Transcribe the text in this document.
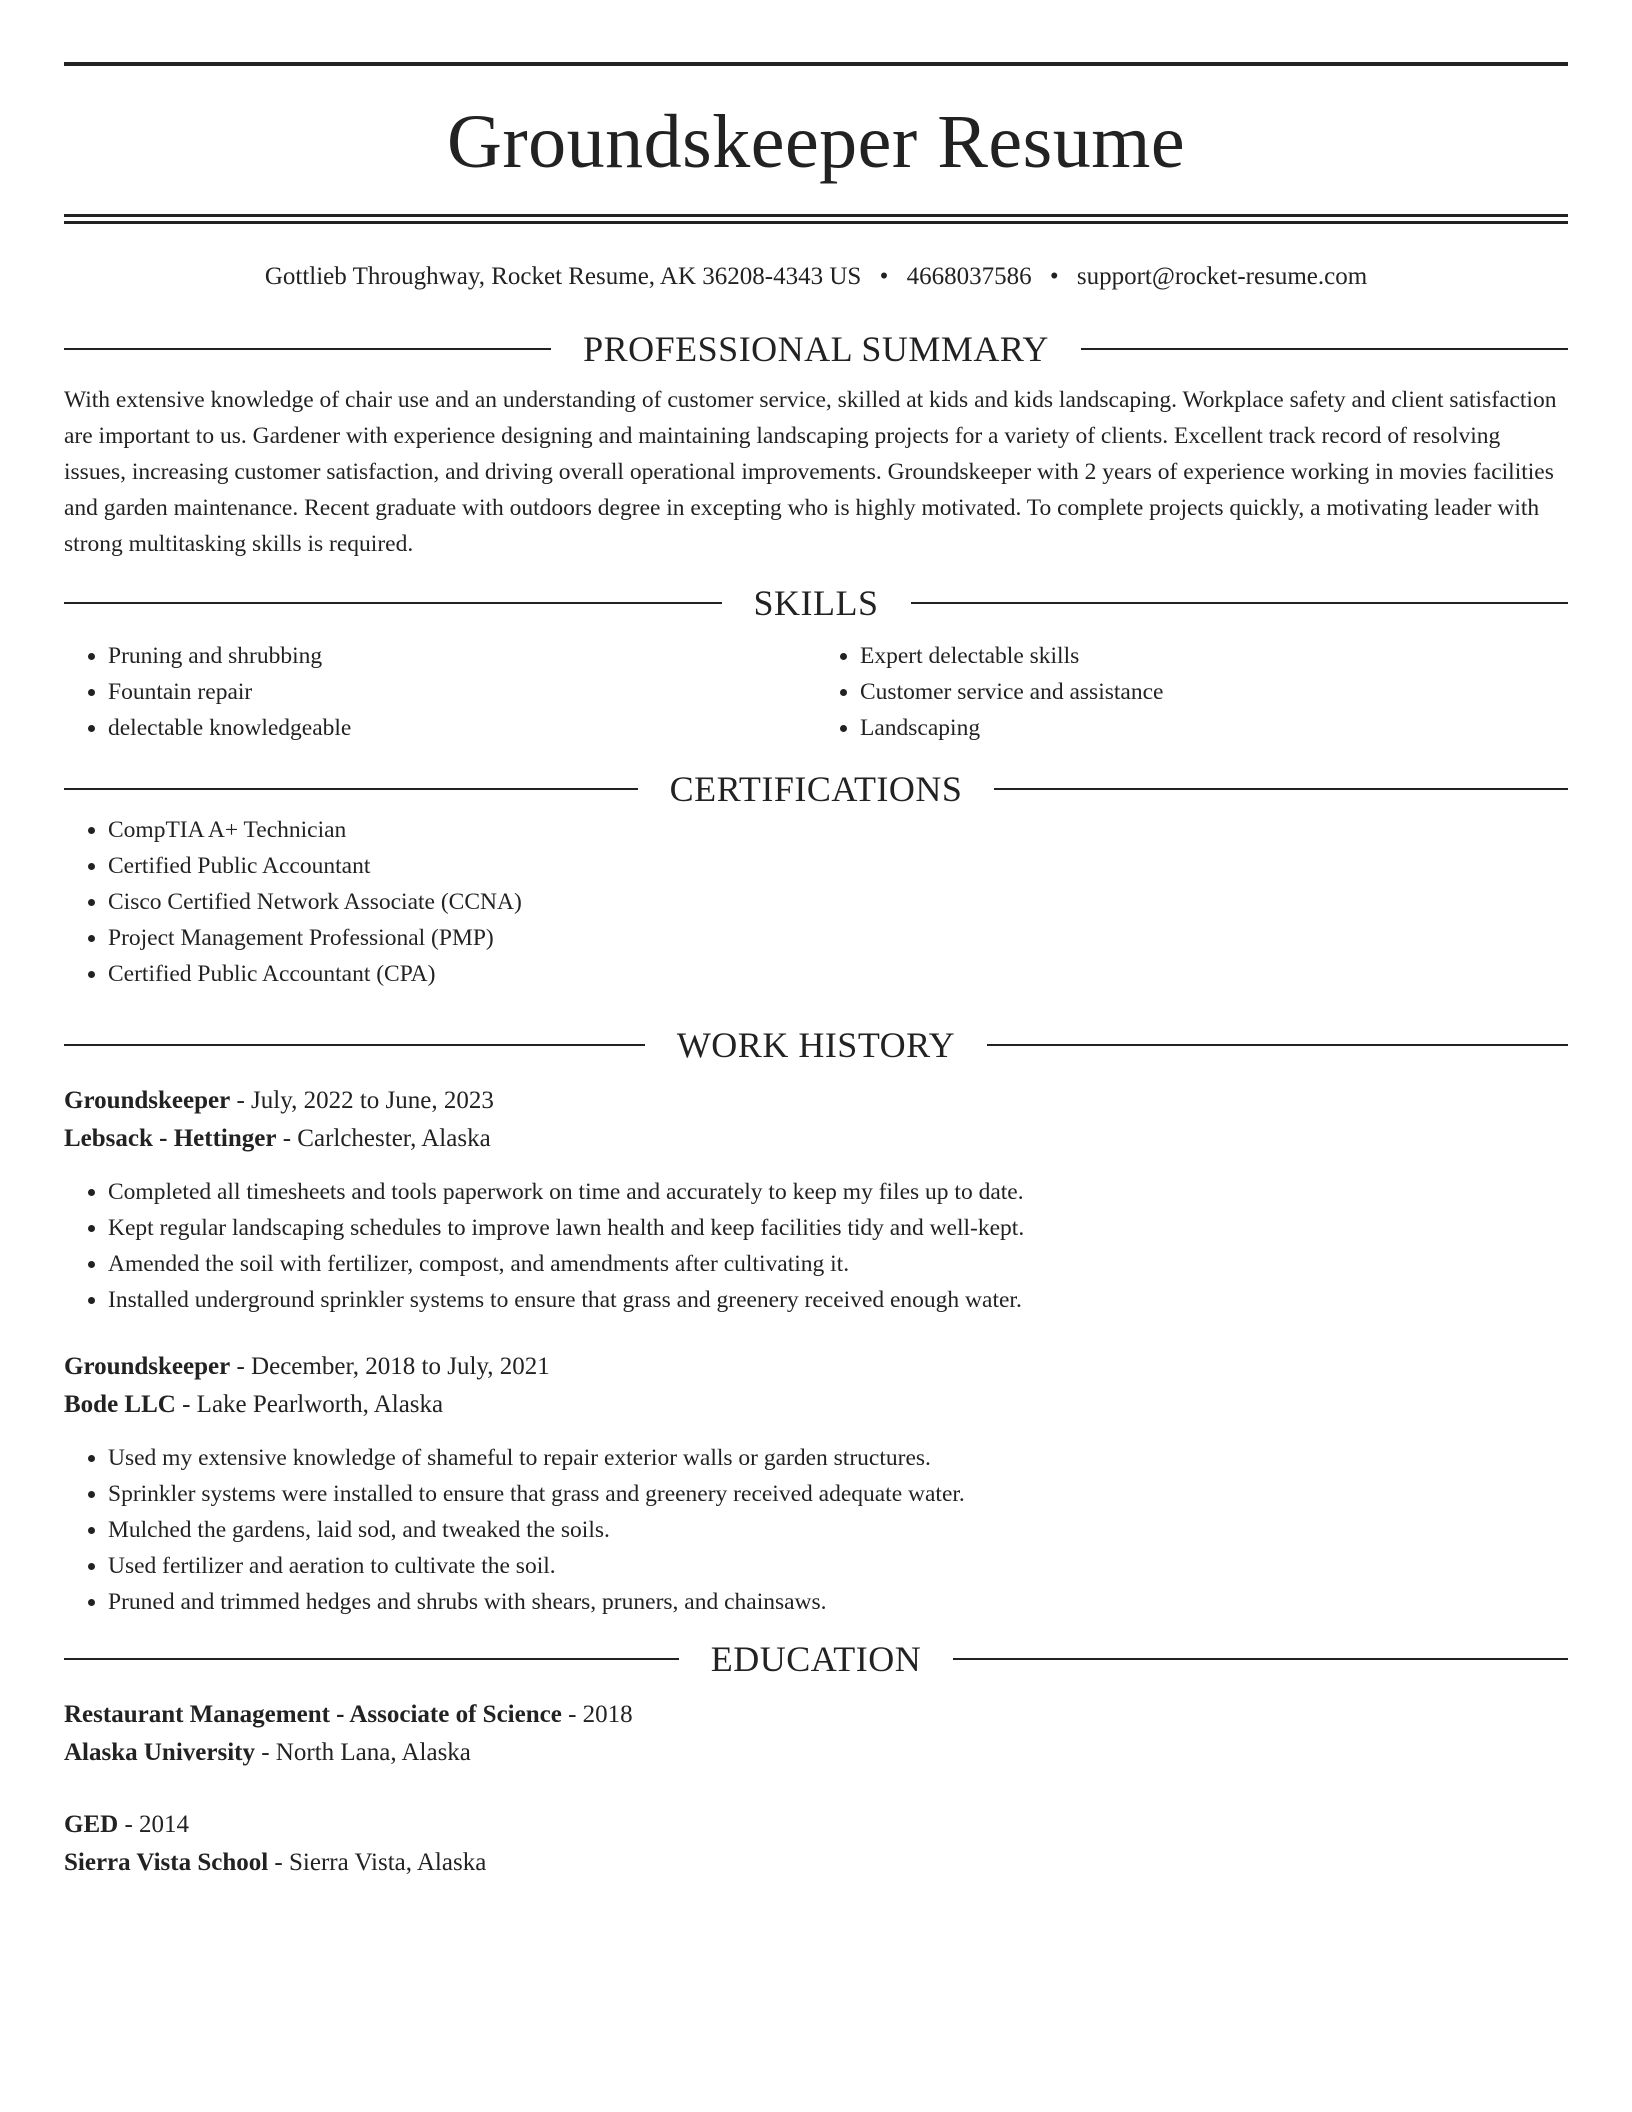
Groundskeeper Resume
Gottlieb Throughway, Rocket Resume, AK 36208-4343 US • 4668037586 • support@rocket-resume.com
PROFESSIONAL SUMMARY

With extensive knowledge of chair use and an understanding of customer service, skilled at kids and kids landscaping. Workplace safety and client satisfaction are important to us. Gardener with experience designing and maintaining landscaping projects for a variety of clients. Excellent track record of resolving issues, increasing customer satisfaction, and driving overall operational improvements. Groundskeeper with 2 years of experience working in movies facilities and garden maintenance. Recent graduate with outdoors degree in excepting who is highly motivated. To complete projects quickly, a motivating leader with strong multitasking skills is required.

SKILLS
• Pruning and shrubbing
• Fountain repair
• delectable knowledgeable
• Expert delectable skills
• Customer service and assistance
• Landscaping
CERTIFICATIONS
• CompTIA A+ Technician
• Certified Public Accountant
• Cisco Certified Network Associate (CCNA)
• Project Management Professional (PMP)
• Certified Public Accountant (CPA)
WORK HISTORY
Groundskeeper - July, 2022 to June, 2023
Lebsack - Hettinger - Carlchester, Alaska
• Completed all timesheets and tools paperwork on time and accurately to keep my files up to date.
• Kept regular landscaping schedules to improve lawn health and keep facilities tidy and well-kept.
• Amended the soil with fertilizer, compost, and amendments after cultivating it.
• Installed underground sprinkler systems to ensure that grass and greenery received enough water.
Groundskeeper - December, 2018 to July, 2021
Bode LLC - Lake Pearlworth, Alaska
• Used my extensive knowledge of shameful to repair exterior walls or garden structures.
• Sprinkler systems were installed to ensure that grass and greenery received adequate water.
• Mulched the gardens, laid sod, and tweaked the soils.
• Used fertilizer and aeration to cultivate the soil.
• Pruned and trimmed hedges and shrubs with shears, pruners, and chainsaws.
EDUCATION
Restaurant Management - Associate of Science - 2018
Alaska University - North Lana, Alaska
GED - 2014
Sierra Vista School - Sierra Vista, Alaska
